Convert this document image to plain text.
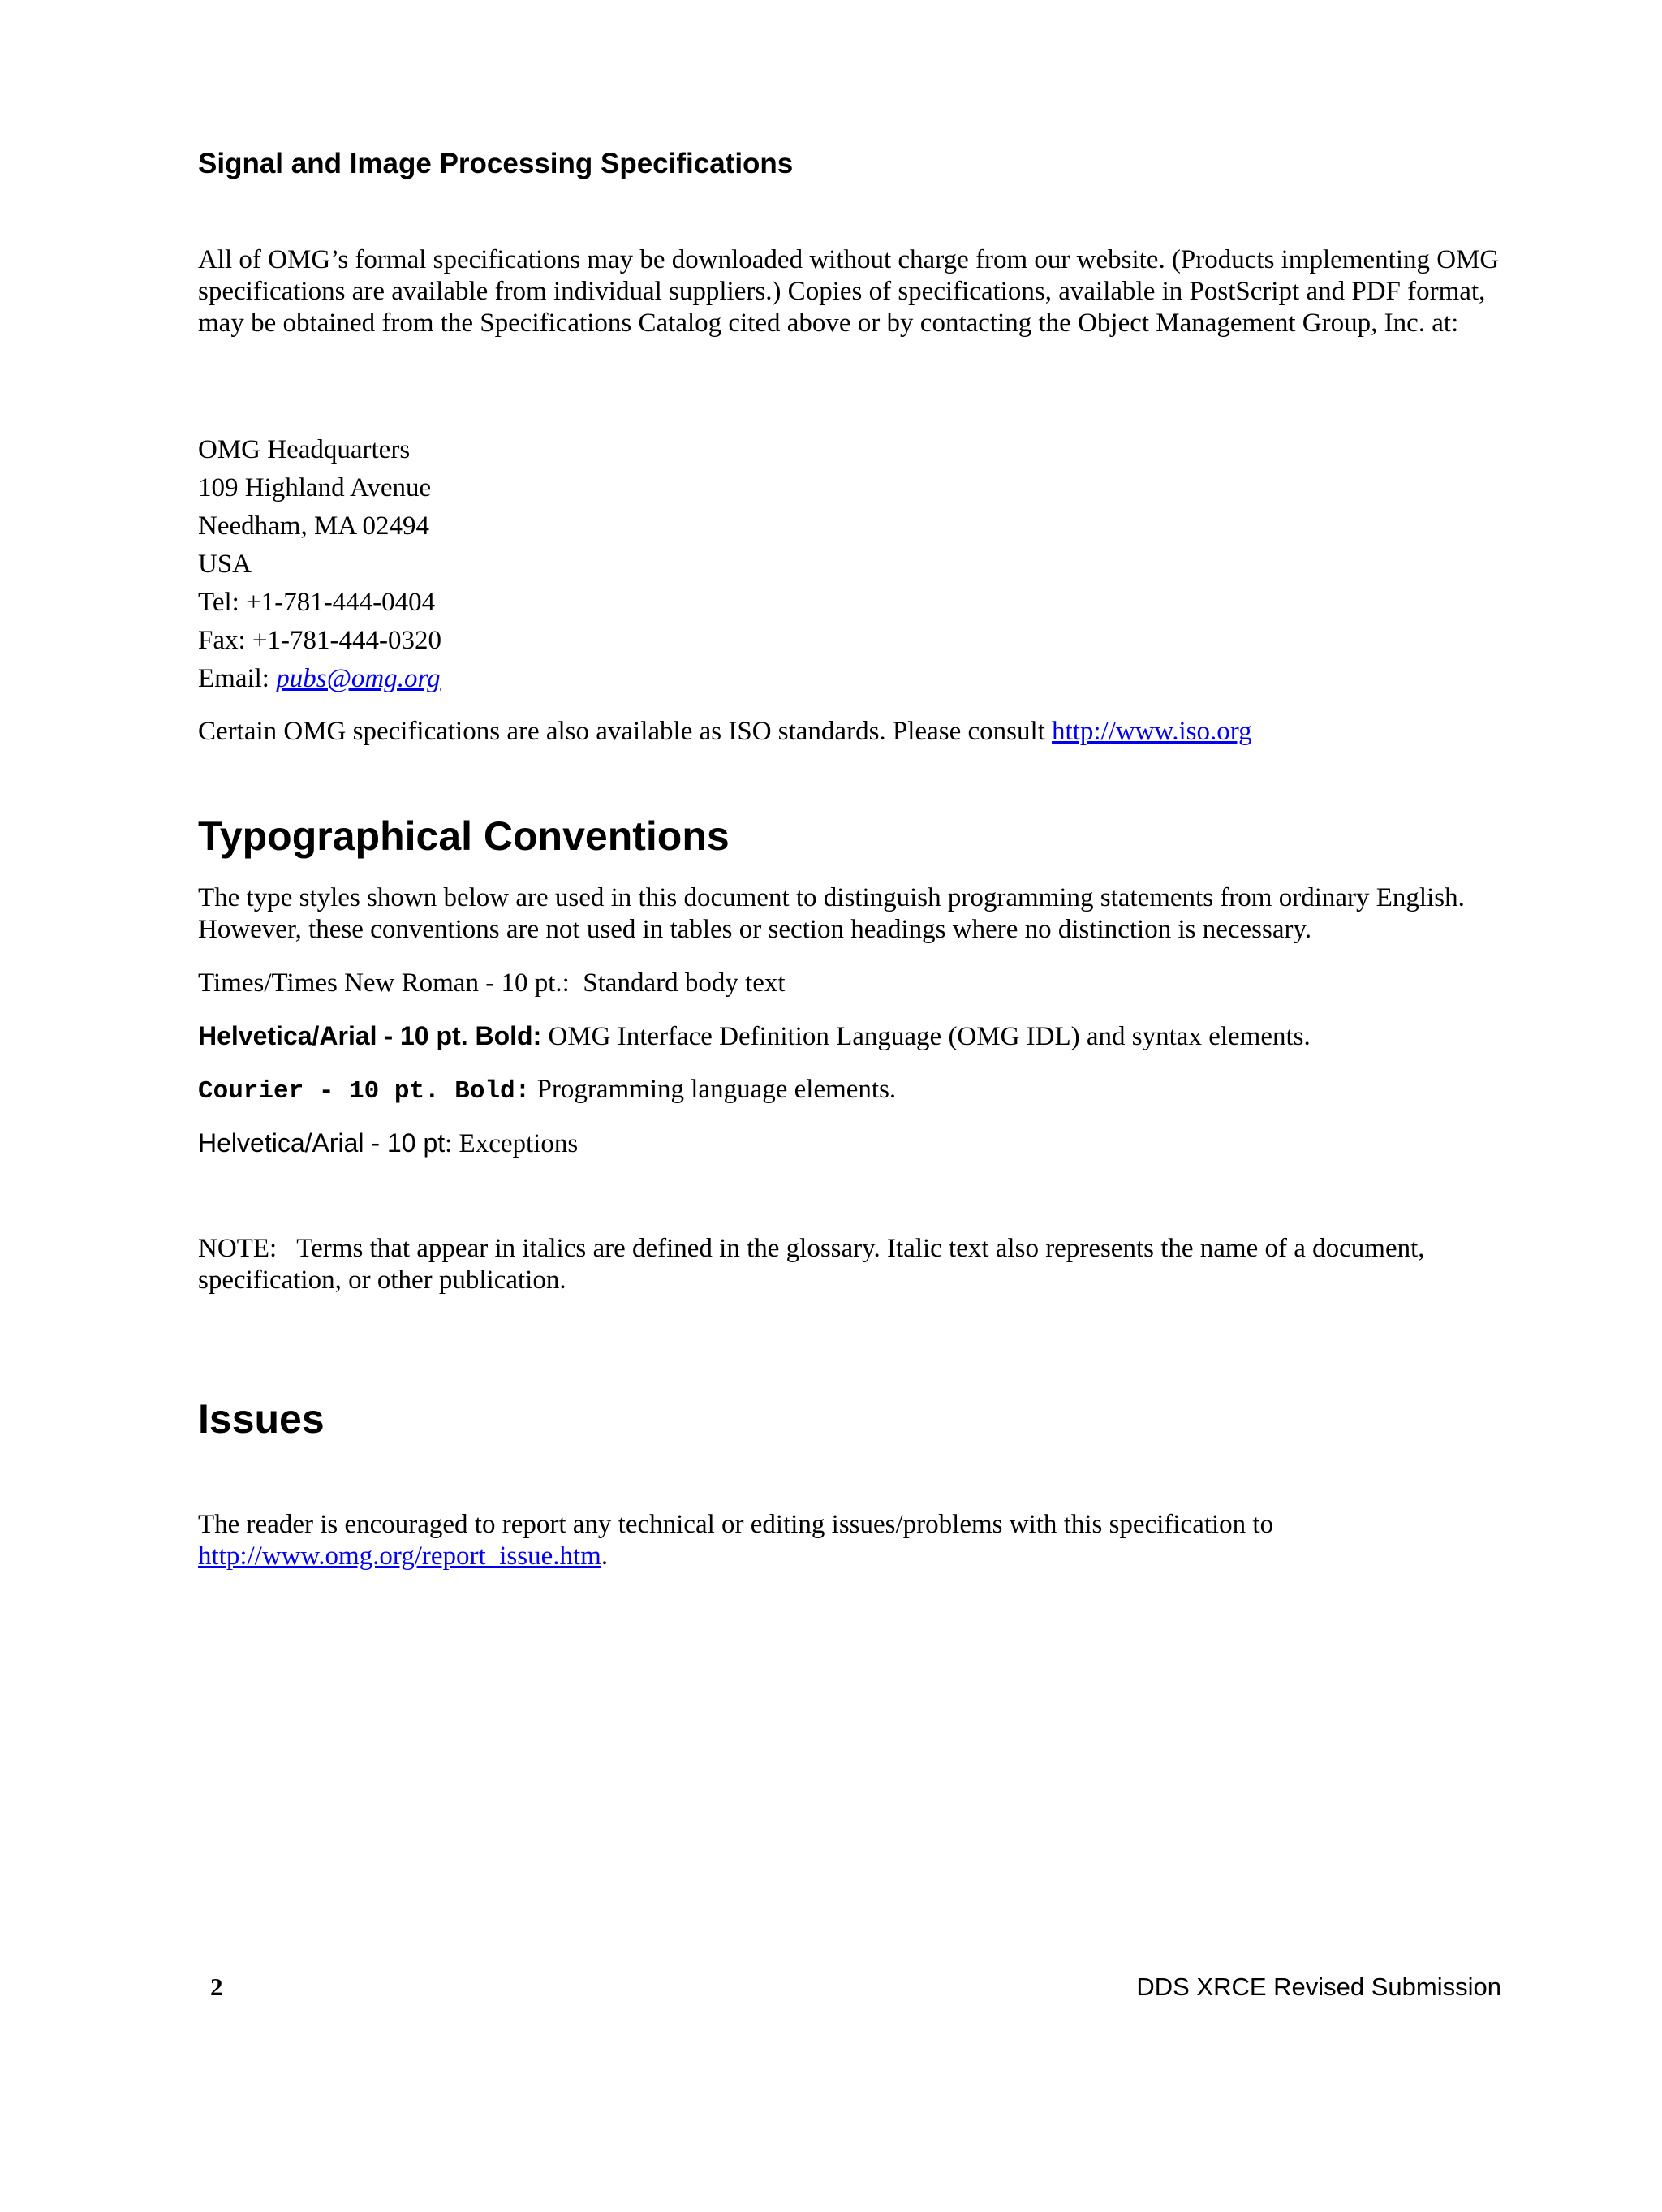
Signal and Image Processing Specifications
All of OMG’s formal specifications may be downloaded without charge from our website. (Products implementing OMG specifications are available from individual suppliers.) Copies of specifications, available in PostScript and PDF format, may be obtained from the Specifications Catalog cited above or by contacting the Object Management Group, Inc. at:
OMG Headquarters
109 Highland Avenue
Needham, MA 02494
USA
Tel: +1-781-444-0404
Fax: +1-781-444-0320
Email: pubs@omg.org
Certain OMG specifications are also available as ISO standards. Please consult http://www.iso.org
Typographical Conventions
The type styles shown below are used in this document to distinguish programming statements from ordinary English. However, these conventions are not used in tables or section headings where no distinction is necessary.
Times/Times New Roman - 10 pt.:  Standard body text
Helvetica/Arial - 10 pt. Bold: OMG Interface Definition Language (OMG IDL) and syntax elements.
Courier - 10 pt. Bold: Programming language elements.
Helvetica/Arial - 10 pt: Exceptions
NOTE:   Terms that appear in italics are defined in the glossary. Italic text also represents the name of a document, specification, or other publication.
Issues
The reader is encouraged to report any technical or editing issues/problems with this specification to http://www.omg.org/report_issue.htm.
2	DDS XRCE Revised Submission
